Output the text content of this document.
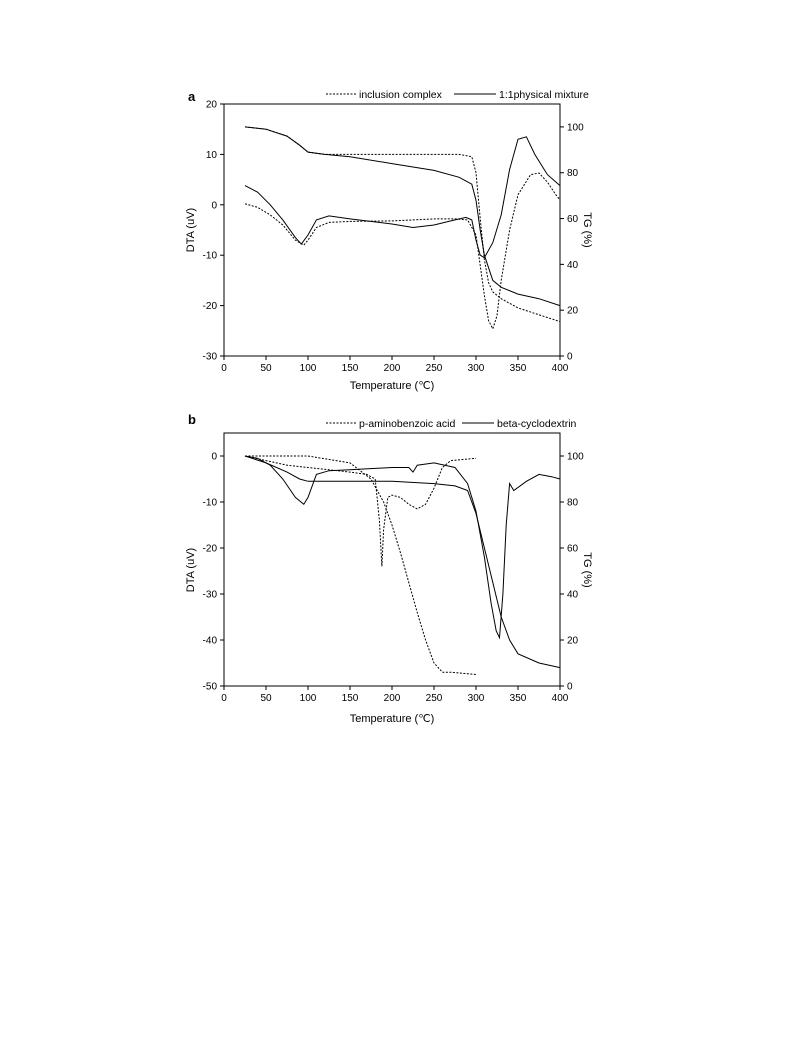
a	inclusion complex	1:1physical mixture
0	50	100	150	200	250	300	350	400
-30
-20
-10
0
10
20
0
20
40
60
80
100
Temperature (℃)
DTA (uV)	TG (%)
b	p-aminobenzoic acid	beta-cyclodextrin
0	50	100	150	200	250	300	350	400
-50
-40
-30
-20
-10
0
0
20
40
60
80
100
Temperature (℃)
DTA (uV)	TG (%)
